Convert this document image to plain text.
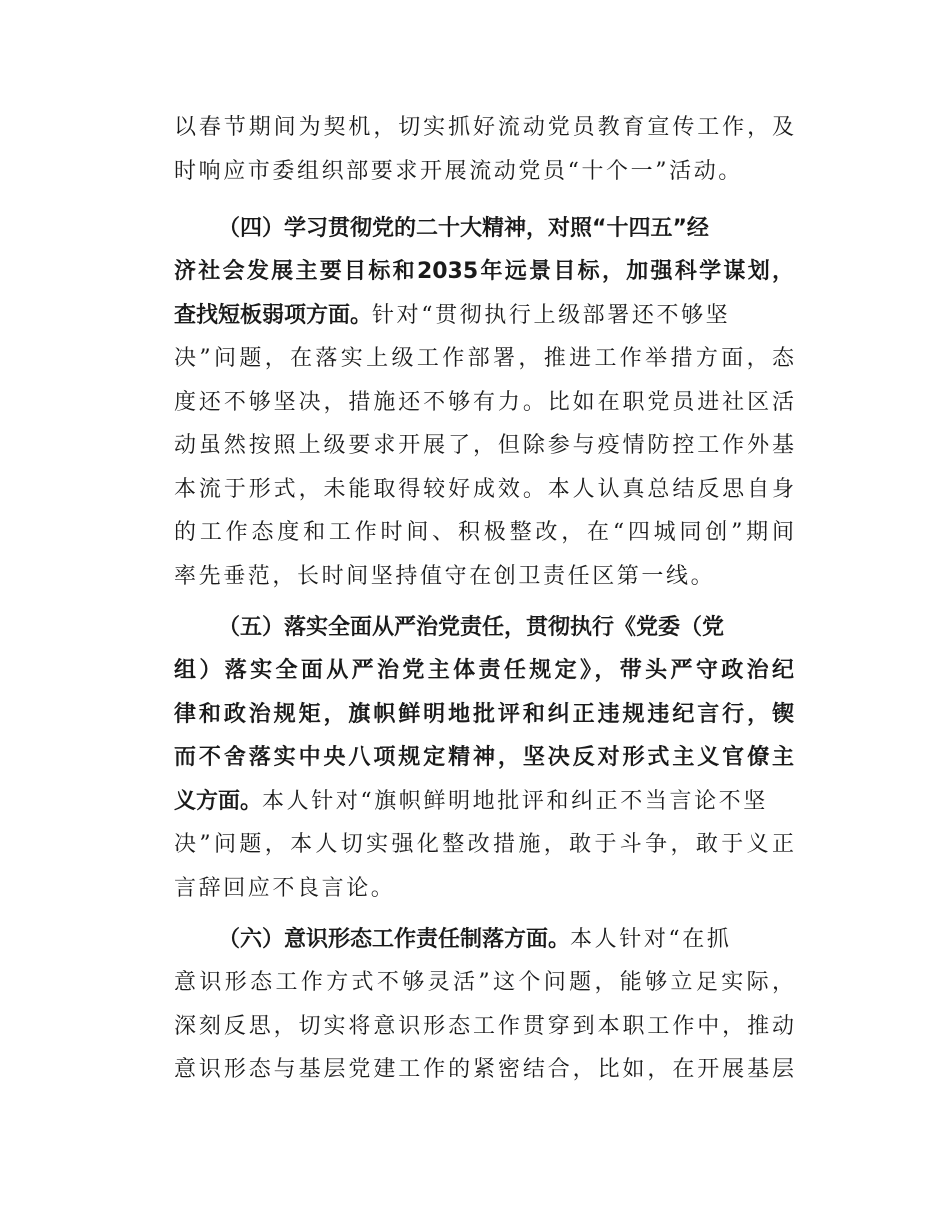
以春节期间为契机，切实抓好流动党员教育宣传工作，及
时响应市委组织部要求开展流动党员“十个一”活动。
（四）学习贯彻党的二十大精神，对照“十四五”经
济社会发展主要目标和2035年远景目标，加强科学谋划，
查找短板弱项方面。针对“贯彻执行上级部署还不够坚
决”问题，在落实上级工作部署，推进工作举措方面，态
度还不够坚决，措施还不够有力。比如在职党员进社区活
动虽然按照上级要求开展了，但除参与疫情防控工作外基
本流于形式，未能取得较好成效。本人认真总结反思自身
的工作态度和工作时间、积极整改，在“四城同创”期间
率先垂范，长时间坚持值守在创卫责任区第一线。
（五）落实全面从严治党责任，贯彻执行《党委（党
组）落实全面从严治党主体责任规定》，带头严守政治纪
律和政治规矩，旗帜鲜明地批评和纠正违规违纪言行，锲
而不舍落实中央八项规定精神，坚决反对形式主义官僚主
义方面。本人针对“旗帜鲜明地批评和纠正不当言论不坚
决”问题，本人切实强化整改措施，敢于斗争，敢于义正
言辞回应不良言论。
（六）意识形态工作责任制落方面。本人针对“在抓
意识形态工作方式不够灵活”这个问题，能够立足实际，
深刻反思，切实将意识形态工作贯穿到本职工作中，推动
意识形态与基层党建工作的紧密结合，比如，在开展基层
